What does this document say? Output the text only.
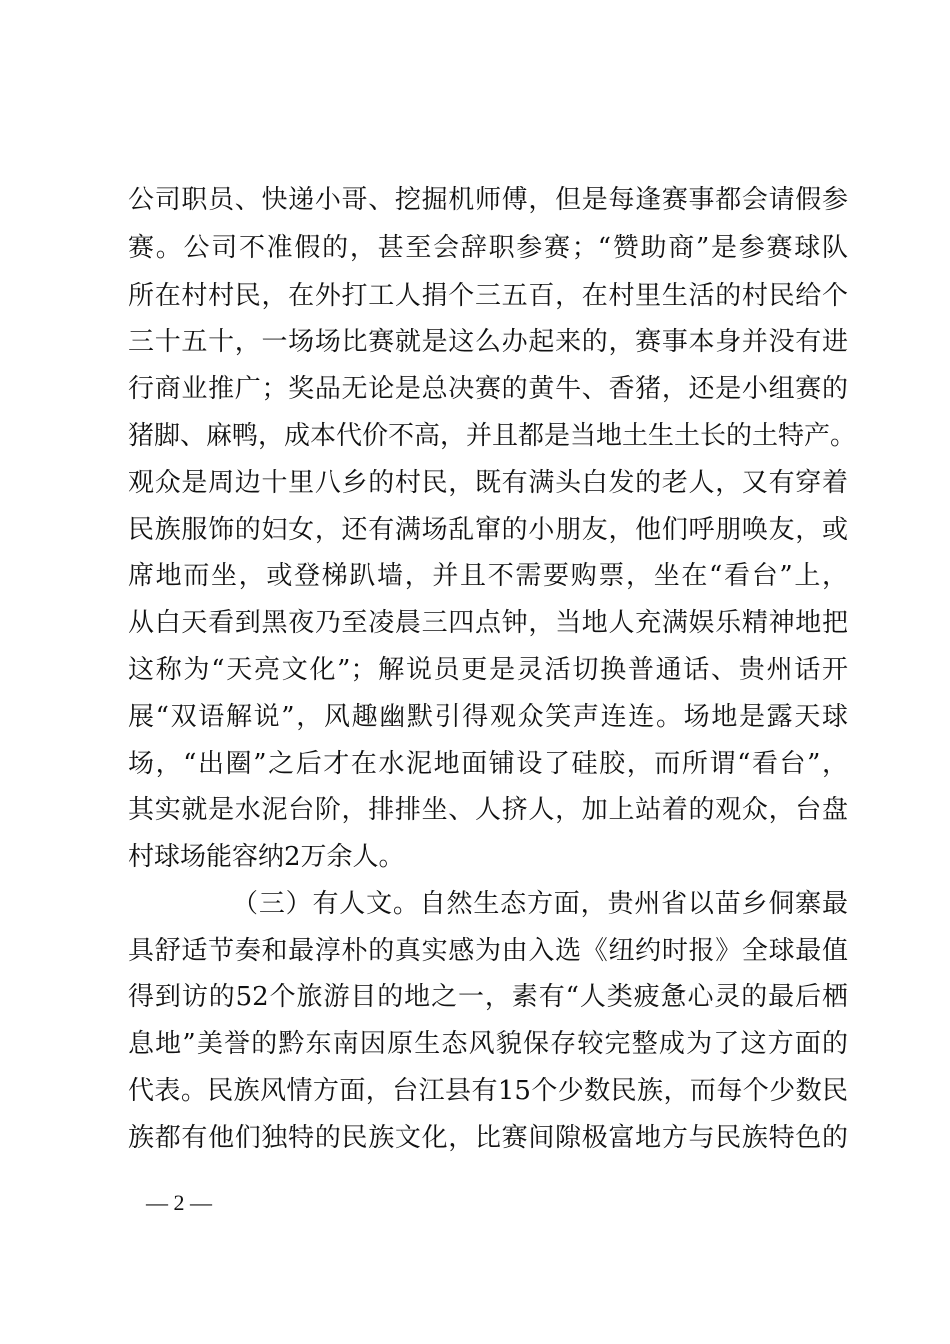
公司职员、快递小哥、挖掘机师傅，但是每逢赛事都会请假参
赛。公司不准假的，甚至会辞职参赛；“赞助商”是参赛球队
所在村村民，在外打工人捐个三五百，在村里生活的村民给个
三十五十，一场场比赛就是这么办起来的，赛事本身并没有进
行商业推广；奖品无论是总决赛的黄牛、香猪，还是小组赛的
猪脚、麻鸭，成本代价不高，并且都是当地土生土长的土特产。
观众是周边十里八乡的村民，既有满头白发的老人，又有穿着
民族服饰的妇女，还有满场乱窜的小朋友，他们呼朋唤友，或
席地而坐，或登梯趴墙，并且不需要购票，坐在“看台”上，
从白天看到黑夜乃至凌晨三四点钟，当地人充满娱乐精神地把
这称为“天亮文化”；解说员更是灵活切换普通话、贵州话开
展“双语解说”，风趣幽默引得观众笑声连连。场地是露天球
场，“出圈”之后才在水泥地面铺设了硅胶，而所谓“看台”，
其实就是水泥台阶，排排坐、人挤人，加上站着的观众，台盘
村球场能容纳2万余人。
（三）有人文。自然生态方面，贵州省以苗乡侗寨最
具舒适节奏和最淳朴的真实感为由入选《纽约时报》全球最值
得到访的52个旅游目的地之一，素有“人类疲惫心灵的最后栖
息地”美誉的黔东南因原生态风貌保存较完整成为了这方面的
代表。民族风情方面，台江县有15个少数民族，而每个少数民
族都有他们独特的民族文化，比赛间隙极富地方与民族特色的
— 2 —
